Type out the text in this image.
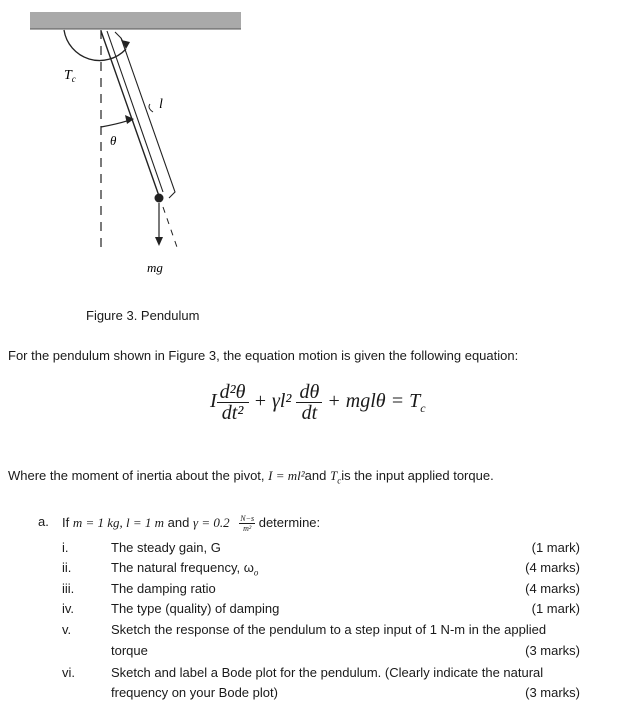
$T_c$
l
θ
mg
Figure 3. Pendulum
For the pendulum shown in Figure 3, the equation motion is given the following equation:
I $\frac{\text{d²θ}}{\text{dt²}} + \gamma l^2 \frac{d\theta}{dt} + mgl\theta = T_c$
Where the moment of inertia about the pivot, I = ml²and $T_cis$ the input applied torque.
a. If m = 1 kg, l = 1 m and $\gamma = 0.2 \frac{N-s}{\text{m²}}$ determine:
i.	The steady gain, G	(1 mark)
ii.	The natural frequency, $\omega_o$	(4 marks)
iii.	The damping ratio	(4 marks)
iv.	The type (quality) of damping	(1 mark)
v.	Sketch the response of the pendulum to a step input of 1 N-m in the applied
torque	(3 marks)
vi.	Sketch and label a Bode plot for the pendulum. (Clearly indicate the natural
frequency on your Bode plot)	(3 marks)
